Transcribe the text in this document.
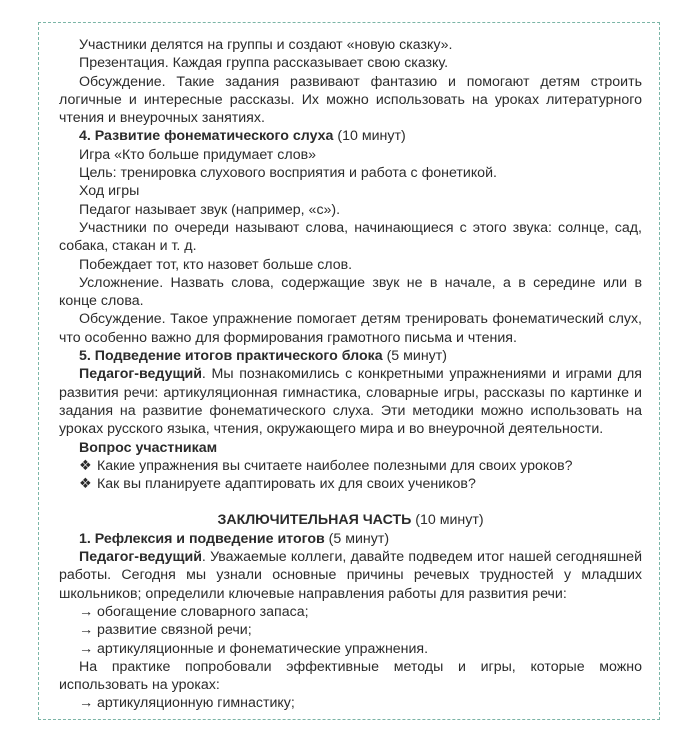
Участники делятся на группы и создают «новую сказку».

Презентация. Каждая группа рассказывает свою сказку.

Обсуждение. Такие задания развивают фантазию и помогают детям строить логичные и интересные рассказы. Их можно использовать на уроках литературного чтения и внеурочных занятиях.

4. Развитие фонематического слуха (10 минут)

Игра «Кто больше придумает слов»

Цель: тренировка слухового восприятия и работа с фонетикой.

Ход игры

Педагог называет звук (например, «с»).

Участники по очереди называют слова, начинающиеся с этого звука: солнце, сад, собака, стакан и т. д.

Побеждает тот, кто назовет больше слов.

Усложнение. Назвать слова, содержащие звук не в начале, а в середине или в конце слова.

Обсуждение. Такое упражнение помогает детям тренировать фонематический слух, что особенно важно для формирования грамотного письма и чтения.

5. Подведение итогов практического блока (5 минут)

Педагог-ведущий. Мы познакомились с конкретными упражнениями и играми для развития речи: артикуляционная гимнастика, словарные игры, рассказы по картинке и задания на развитие фонематического слуха. Эти методики можно использовать на уроках русского языка, чтения, окружающего мира и во внеурочной деятельности.

Вопрос участникам

❖ Какие упражнения вы считаете наиболее полезными для своих уроков?

❖ Как вы планируете адаптировать их для своих учеников?

ЗАКЛЮЧИТЕЛЬНАЯ ЧАСТЬ (10 минут)

1. Рефлексия и подведение итогов (5 минут)

Педагог-ведущий. Уважаемые коллеги, давайте подведем итог нашей сегодняшней работы. Сегодня мы узнали основные причины речевых трудностей у младших школьников; определили ключевые направления работы для развития речи:

→ обогащение словарного запаса;

→ развитие связной речи;

→ артикуляционные и фонематические упражнения.

На практике попробовали эффективные методы и игры, которые можно использовать на уроках:

→ артикуляционную гимнастику;
